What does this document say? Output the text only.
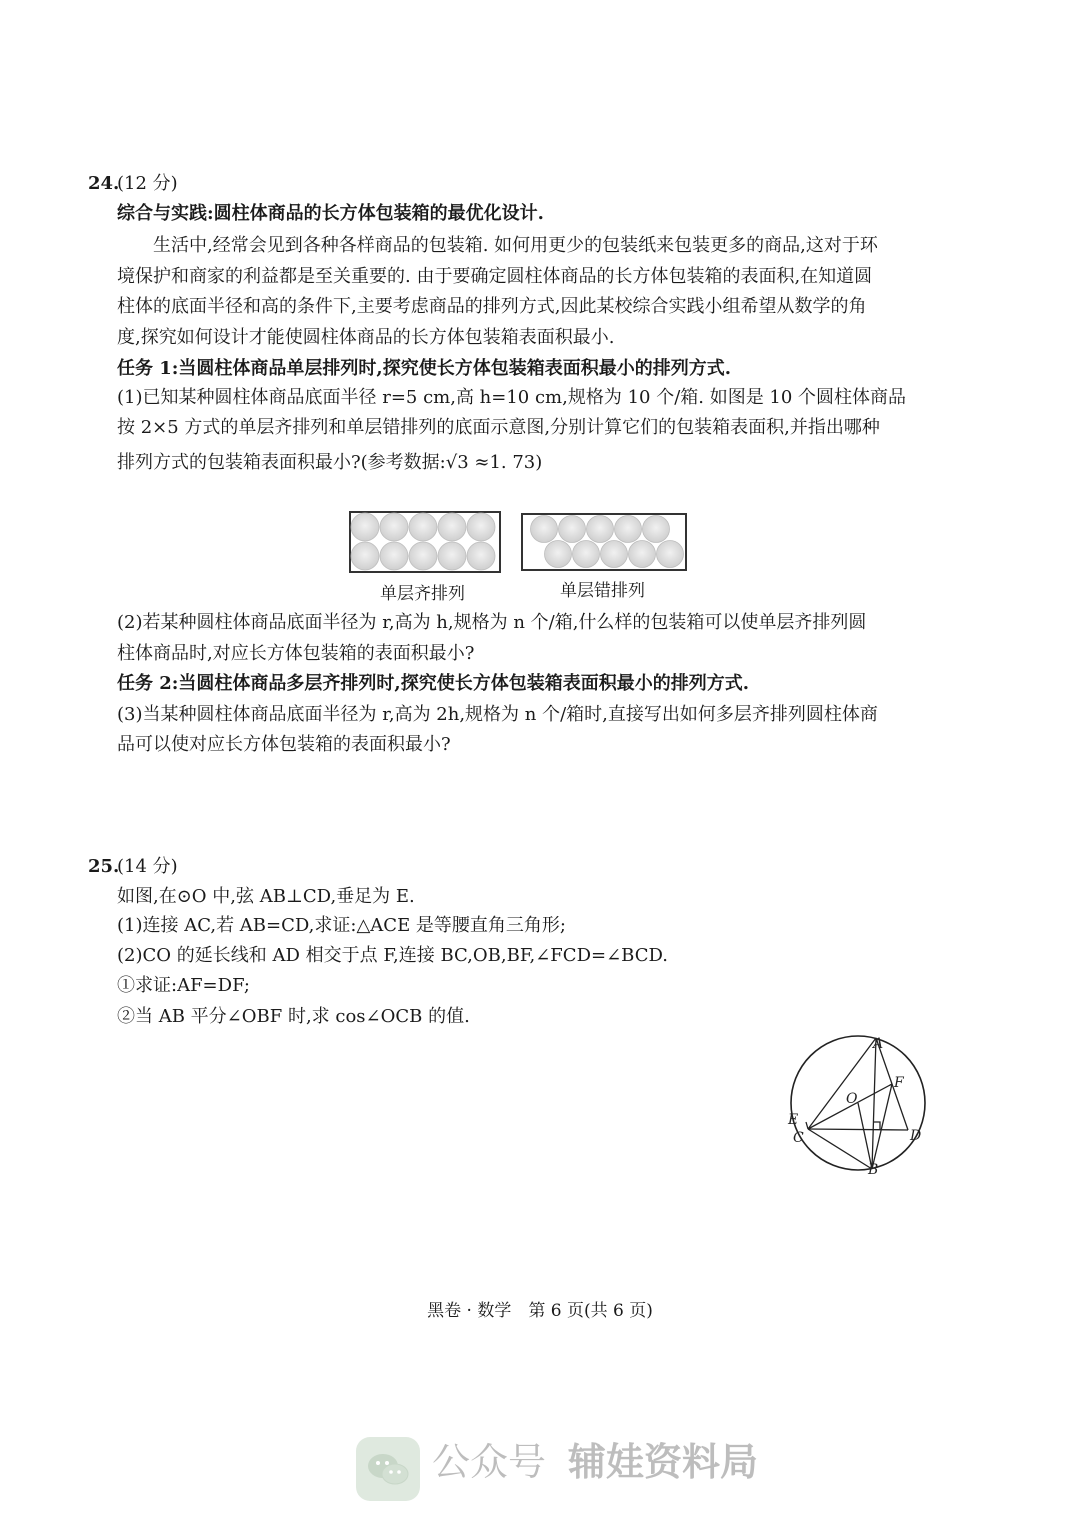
24.
(12 分)
综合与实践:圆柱体商品的长方体包装箱的最优化设计.
　　生活中,经常会见到各种各样商品的包装箱. 如何用更少的包装纸来包装更多的商品,这对于环
境保护和商家的利益都是至关重要的. 由于要确定圆柱体商品的长方体包装箱的表面积,在知道圆
柱体的底面半径和高的条件下,主要考虑商品的排列方式,因此某校综合实践小组希望从数学的角
度,探究如何设计才能使圆柱体商品的长方体包装箱表面积最小.
任务 1:当圆柱体商品单层排列时,探究使长方体包装箱表面积最小的排列方式.
(1)已知某种圆柱体商品底面半径 r=5 cm,高 h=10 cm,规格为 10 个/箱. 如图是 10 个圆柱体商品
按 2×5 方式的单层齐排列和单层错排列的底面示意图,分别计算它们的包装箱表面积,并指出哪种
排列方式的包装箱表面积最小?(参考数据:√3 ≈1. 73)
单层齐排列	单层错排列
(2)若某种圆柱体商品底面半径为 r,高为 h,规格为 n 个/箱,什么样的包装箱可以使单层齐排列圆
柱体商品时,对应长方体包装箱的表面积最小?
任务 2:当圆柱体商品多层齐排列时,探究使长方体包装箱表面积最小的排列方式.
(3)当某种圆柱体商品底面半径为 r,高为 2h,规格为 n 个/箱时,直接写出如何多层齐排列圆柱体商
品可以使对应长方体包装箱的表面积最小?
25.
(14 分)
如图,在⊙O 中,弦 AB⊥CD,垂足为 E.
(1)连接 AC,若 AB=CD,求证:△ACE 是等腰直角三角形;
(2)CO 的延长线和 AD 相交于点 F,连接 BC,OB,BF,∠FCD=∠BCD.
①求证:AF=DF;
②当 AB 平分∠OBF 时,求 cos∠OCB 的值.
A
F
O
E
C	D
B
黑卷 · 数学　第 6 页(共 6 页)
公众号 辅娃资料局
